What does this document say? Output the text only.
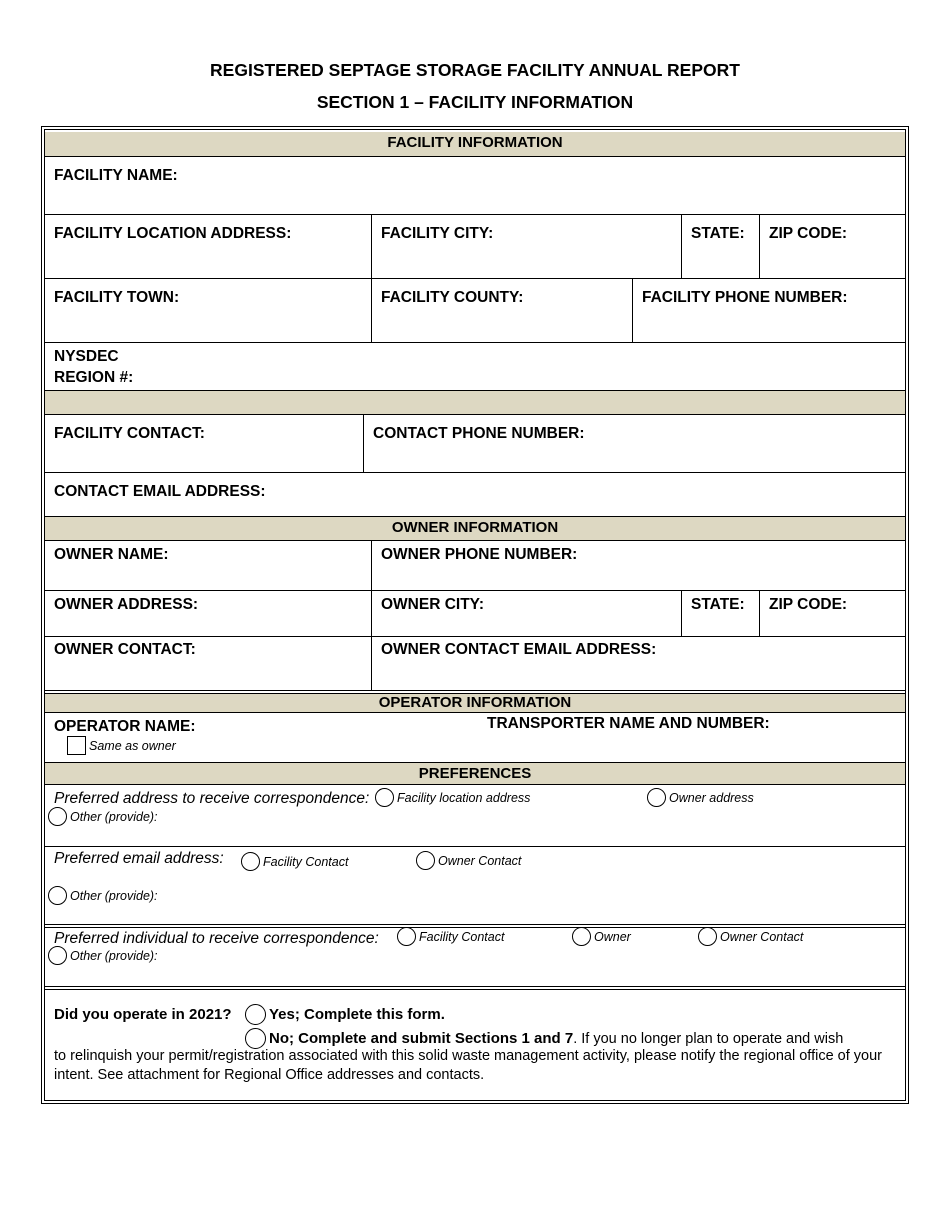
REGISTERED SEPTAGE STORAGE FACILITY ANNUAL REPORT
SECTION 1 – FACILITY INFORMATION
FACILITY INFORMATION
FACILITY NAME:
FACILITY LOCATION ADDRESS:	FACILITY CITY:	STATE: ZIP CODE:
FACILITY TOWN:	FACILITY COUNTY:	FACILITY PHONE NUMBER:
NYSDEC
REGION #:
FACILITY CONTACT:	CONTACT PHONE NUMBER:
CONTACT EMAIL ADDRESS:
OWNER INFORMATION
OWNER NAME:	OWNER PHONE NUMBER:
OWNER ADDRESS:	OWNER CITY:	STATE: ZIP CODE:
OWNER CONTACT:	OWNER CONTACT EMAIL ADDRESS:
OPERATOR INFORMATION
OPERATOR NAME:
Same as owner
TRANSPORTER NAME AND NUMBER:
PREFERENCES
Preferred address to receive correspondence: Facility location address	Owner address
Other (provide):
Preferred email address:	Facility Contact	Owner Contact
Other (provide):
Preferred individual to receive correspondence:	Facility Contact	Owner	Owner Contact
Other (provide):
Did you operate in 2021? Yes; Complete this form.
No; Complete and submit Sections 1 and 7 . If you no longer plan to operate and wish
to relinquish your permit/registration associated with this solid waste management activity, please notify the regional office of your intent. See attachment for Regional Office addresses and contacts.
